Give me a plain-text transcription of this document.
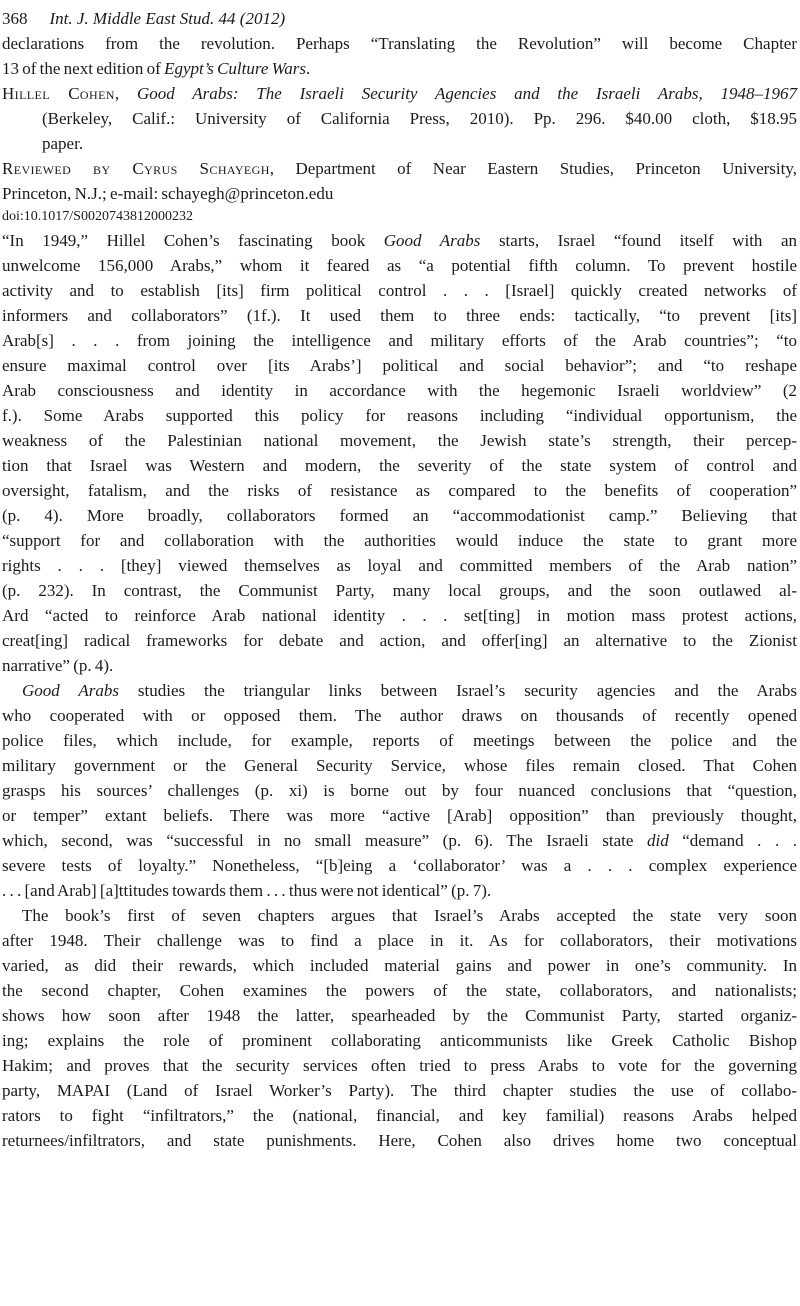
368 Int. J. Middle East Stud. 44 (2012)
declarations from the revolution. Perhaps “Translating the Revolution” will become Chapter
13 of the next edition of Egypt’s Culture Wars.
Hillel Cohen, Good Arabs: The Israeli Security Agencies and the Israeli Arabs, 1948–1967
(Berkeley, Calif.: University of California Press, 2010). Pp. 296. $40.00 cloth, $18.95
paper.
Reviewed by Cyrus Schayegh, Department of Near Eastern Studies, Princeton University,
Princeton, N.J.; e-mail: schayegh@princeton.edu
doi:10.1017/S0020743812000232
“In 1949,” Hillel Cohen’s fascinating book Good Arabs starts, Israel “found itself with an
unwelcome 156,000 Arabs,” whom it feared as “a potential fifth column. To prevent hostile
activity and to establish [its] firm political control . . . [Israel] quickly created networks of
informers and collaborators” (1f.). It used them to three ends: tactically, “to prevent [its]
Arab[s] . . . from joining the intelligence and military efforts of the Arab countries”; “to
ensure maximal control over [its Arabs’] political and social behavior”; and “to reshape
Arab consciousness and identity in accordance with the hegemonic Israeli worldview” (2
f.). Some Arabs supported this policy for reasons including “individual opportunism, the
weakness of the Palestinian national movement, the Jewish state’s strength, their percep-
tion that Israel was Western and modern, the severity of the state system of control and
oversight, fatalism, and the risks of resistance as compared to the benefits of cooperation”
(p. 4). More broadly, collaborators formed an “accommodationist camp.” Believing that
“support for and collaboration with the authorities would induce the state to grant more
rights . . . [they] viewed themselves as loyal and committed members of the Arab nation”
(p. 232). In contrast, the Communist Party, many local groups, and the soon outlawed al-
Ard “acted to reinforce Arab national identity . . . set[ting] in motion mass protest actions,
creat[ing] radical frameworks for debate and action, and offer[ing] an alternative to the Zionist
narrative” (p. 4).
Good Arabs studies the triangular links between Israel’s security agencies and the Arabs
who cooperated with or opposed them. The author draws on thousands of recently opened
police files, which include, for example, reports of meetings between the police and the
military government or the General Security Service, whose files remain closed. That Cohen
grasps his sources’ challenges (p. xi) is borne out by four nuanced conclusions that “question,
or temper” extant beliefs. There was more “active [Arab] opposition” than previously thought,
which, second, was “successful in no small measure” (p. 6). The Israeli state did “demand . . .
severe tests of loyalty.” Nonetheless, “[b]eing a ‘collaborator’ was a . . . complex experience
. . . [and Arab] [a]ttitudes towards them . . . thus were not identical” (p. 7).
The book’s first of seven chapters argues that Israel’s Arabs accepted the state very soon
after 1948. Their challenge was to find a place in it. As for collaborators, their motivations
varied, as did their rewards, which included material gains and power in one’s community. In
the second chapter, Cohen examines the powers of the state, collaborators, and nationalists;
shows how soon after 1948 the latter, spearheaded by the Communist Party, started organiz-
ing; explains the role of prominent collaborating anticommunists like Greek Catholic Bishop
Hakim; and proves that the security services often tried to press Arabs to vote for the governing
party, MAPAI (Land of Israel Worker’s Party). The third chapter studies the use of collabo-
rators to fight “infiltrators,” the (national, financial, and key familial) reasons Arabs helped
returnees/infiltrators, and state punishments. Here, Cohen also drives home two conceptual
